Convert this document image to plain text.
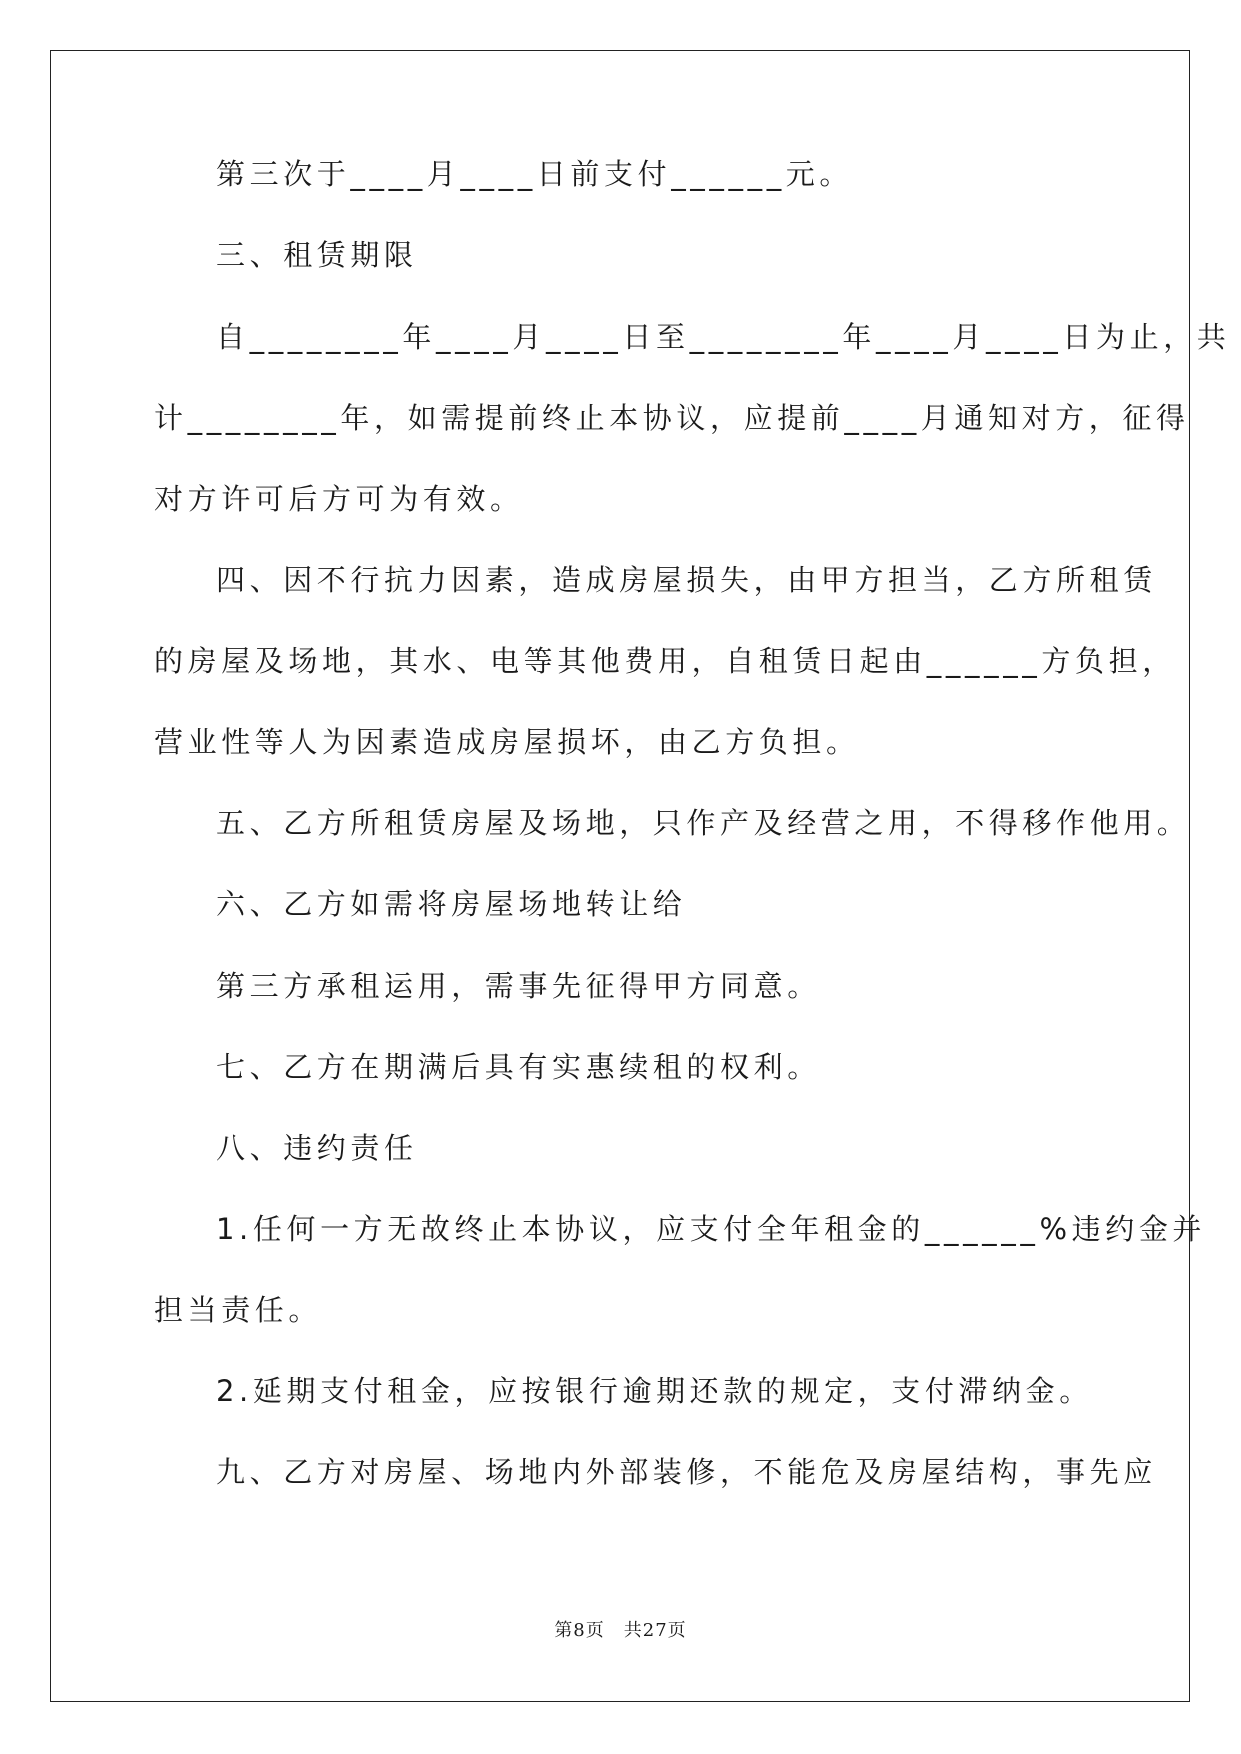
第三次于____月____日前支付______元。
三、租赁期限
自________年____月____日至________年____月____日为止，共
计________年，如需提前终止本协议，应提前____月通知对方，征得
对方许可后方可为有效。
四、因不行抗力因素，造成房屋损失，由甲方担当，乙方所租赁
的房屋及场地，其水、电等其他费用，自租赁日起由______方负担，
营业性等人为因素造成房屋损坏，由乙方负担。
五、乙方所租赁房屋及场地，只作产及经营之用，不得移作他用。
六、乙方如需将房屋场地转让给
第三方承租运用，需事先征得甲方同意。
七、乙方在期满后具有实惠续租的权利。
八、违约责任
1.任何一方无故终止本协议，应支付全年租金的______%违约金并
担当责任。
2.延期支付租金，应按银行逾期还款的规定，支付滞纳金。
九、乙方对房屋、场地内外部装修，不能危及房屋结构，事先应
第8页　共27页
